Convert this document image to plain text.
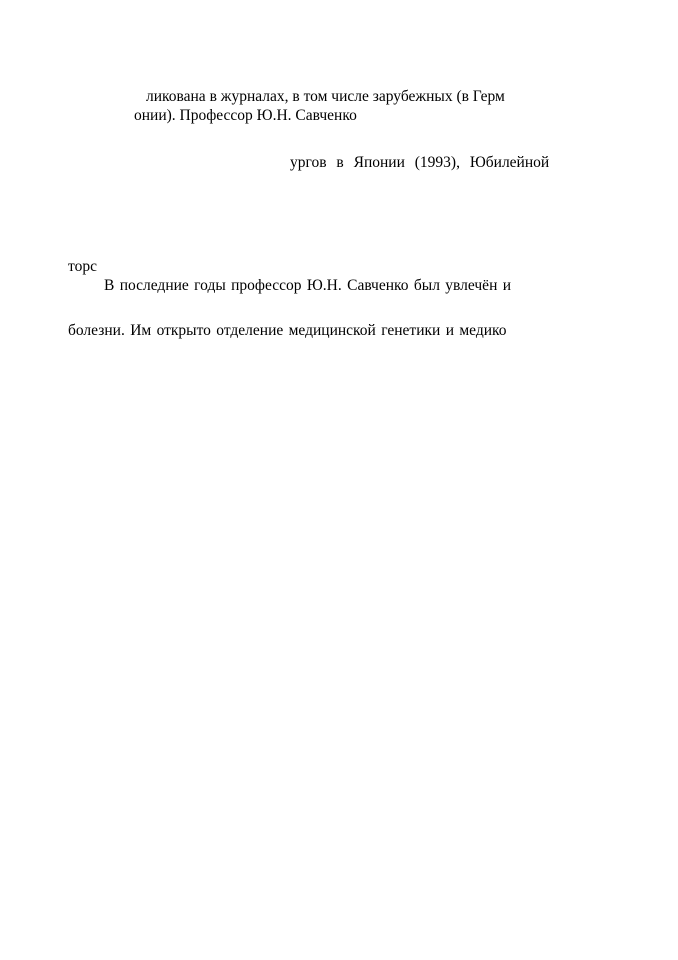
ликована в журналах, в том числе зарубежных (в Герм
онии). Профессор Ю.Н. Савченко
ургов в Японии (1993), Юбилейной
торс
В последние годы профессор Ю.Н. Савченко был увлечён и
болезни. Им открыто отделение медицинской генетики и медико
